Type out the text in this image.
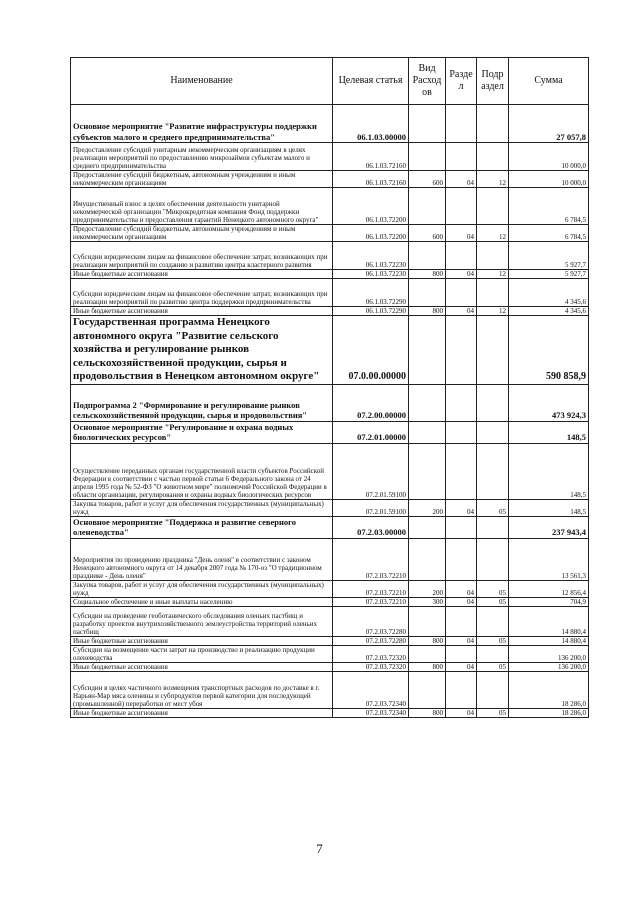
Наименование	Целевая статья	Вид Расход ов	Разде л	Подр аздел	Сумма
Основное мероприятие "Развитие инфраструктуры поддержки субъектов малого и среднего предпринимательства"	06.1.03.00000				27 057,8
Предоставление субсидий унитарным некоммерческим организациям в целях реализации мероприятий по предоставлению микрозаймов субъектам малого и среднего предпринимательства	06.1.03.72160				10 000,0
Предоставление субсидий бюджетным, автономным учреждениям и иным некоммерческим организациям	06.1.03.72160	600	04	12	10 000,0
Имущественный взнос в целях обеспечения деятельности унитарной некоммерческой организации "Микрокредитная компания Фонд поддержки предпринимательства и предоставления гарантий Ненецкого автономного округа"	06.1.03.72200				6 784,5
Предоставление субсидий бюджетным, автономным учреждениям и иным некоммерческим организациям	06.1.03.72200	600	04	12	6 784,5
Субсидии юридическим лицам на финансовое обеспечение затрат, возникающих при реализации мероприятий по созданию и развитию центра кластерного развития	06.1.03.72230				5 927,7
Иные бюджетные ассигнования	06.1.03.72230	800	04	12	5 927,7
Субсидии юридическим лицам на финансовое обеспечение затрат, возникающих при реализации мероприятий по развитию центра поддержки предпринимательства	06.1.03.72290				4 345,6
Иные бюджетные ассигнования	06.1.03.72290	800	04	12	4 345,6
Государственная программа Ненецкого автономного округа "Развитие сельского хозяйства и регулирование рынков сельскохозяйственной продукции, сырья и продовольствия в Ненецком автономном округе"	07.0.00.00000				590 858,9
Подпрограмма 2 "Формирование и регулирование рынков сельскохозяйственной продукции, сырья и продовольствия"	07.2.00.00000				473 924,3
Основное мероприятие "Регулирование и охрана водных биологических ресурсов"	07.2.01.00000				148,5
Осуществление переданных органам государственной власти субъектов Российской Федерации в соответствии с частью первой статьи 6 Федерального закона от 24 апреля 1995 года № 52-ФЗ "О животном мире" полномочий Российской Федерации в области организации, регулирования и охраны водных биологических ресурсов	07.2.01.59100				148,5
Закупка товаров, работ и услуг для обеспечения государственных (муниципальных) нужд	07.2.01.59100	200	04	05	148,5
Основное мероприятие "Поддержка и развитие северного оленеводства"	07.2.03.00000				237 943,4
Мероприятия по проведению праздника "День оленя" в соответствии с законом Ненецкого автономного округа от 14 декабря 2007 года № 170-оз "О традиционном празднике - День оленя"	07.2.03.72210				13 561,3
Закупка товаров, работ и услуг для обеспечения государственных (муниципальных) нужд	07.2.03.72210	200	04	05	12 856,4
Социальное обеспечение и иные выплаты населению	07.2.03.72210	300	04	05	704,9
Субсидии на проведение геоботанического обследования оленьих пастбищ и разработку проектов внутрихозяйственного землеустройства территорий оленьих пастбищ	07.2.03.72280				14 880,4
Иные бюджетные ассигнования	07.2.03.72280	800	04	05	14 880,4
Субсидии на возмещение части затрат на производство и реализацию продукции оленеводства	07.2.03.72320				136 200,0
Иные бюджетные ассигнования	07.2.03.72320	800	04	05	136 200,0
Субсидии в целях частичного возмещения транспортных расходов по доставке в г. Нарьян-Мар мяса оленины и субпродуктов первой категории для последующей (промышленной) переработки от мест убоя	07.2.03.72340				18 286,0
Иные бюджетные ассигнования	07.2.03.72340	800	04	05	18 286,0
7
